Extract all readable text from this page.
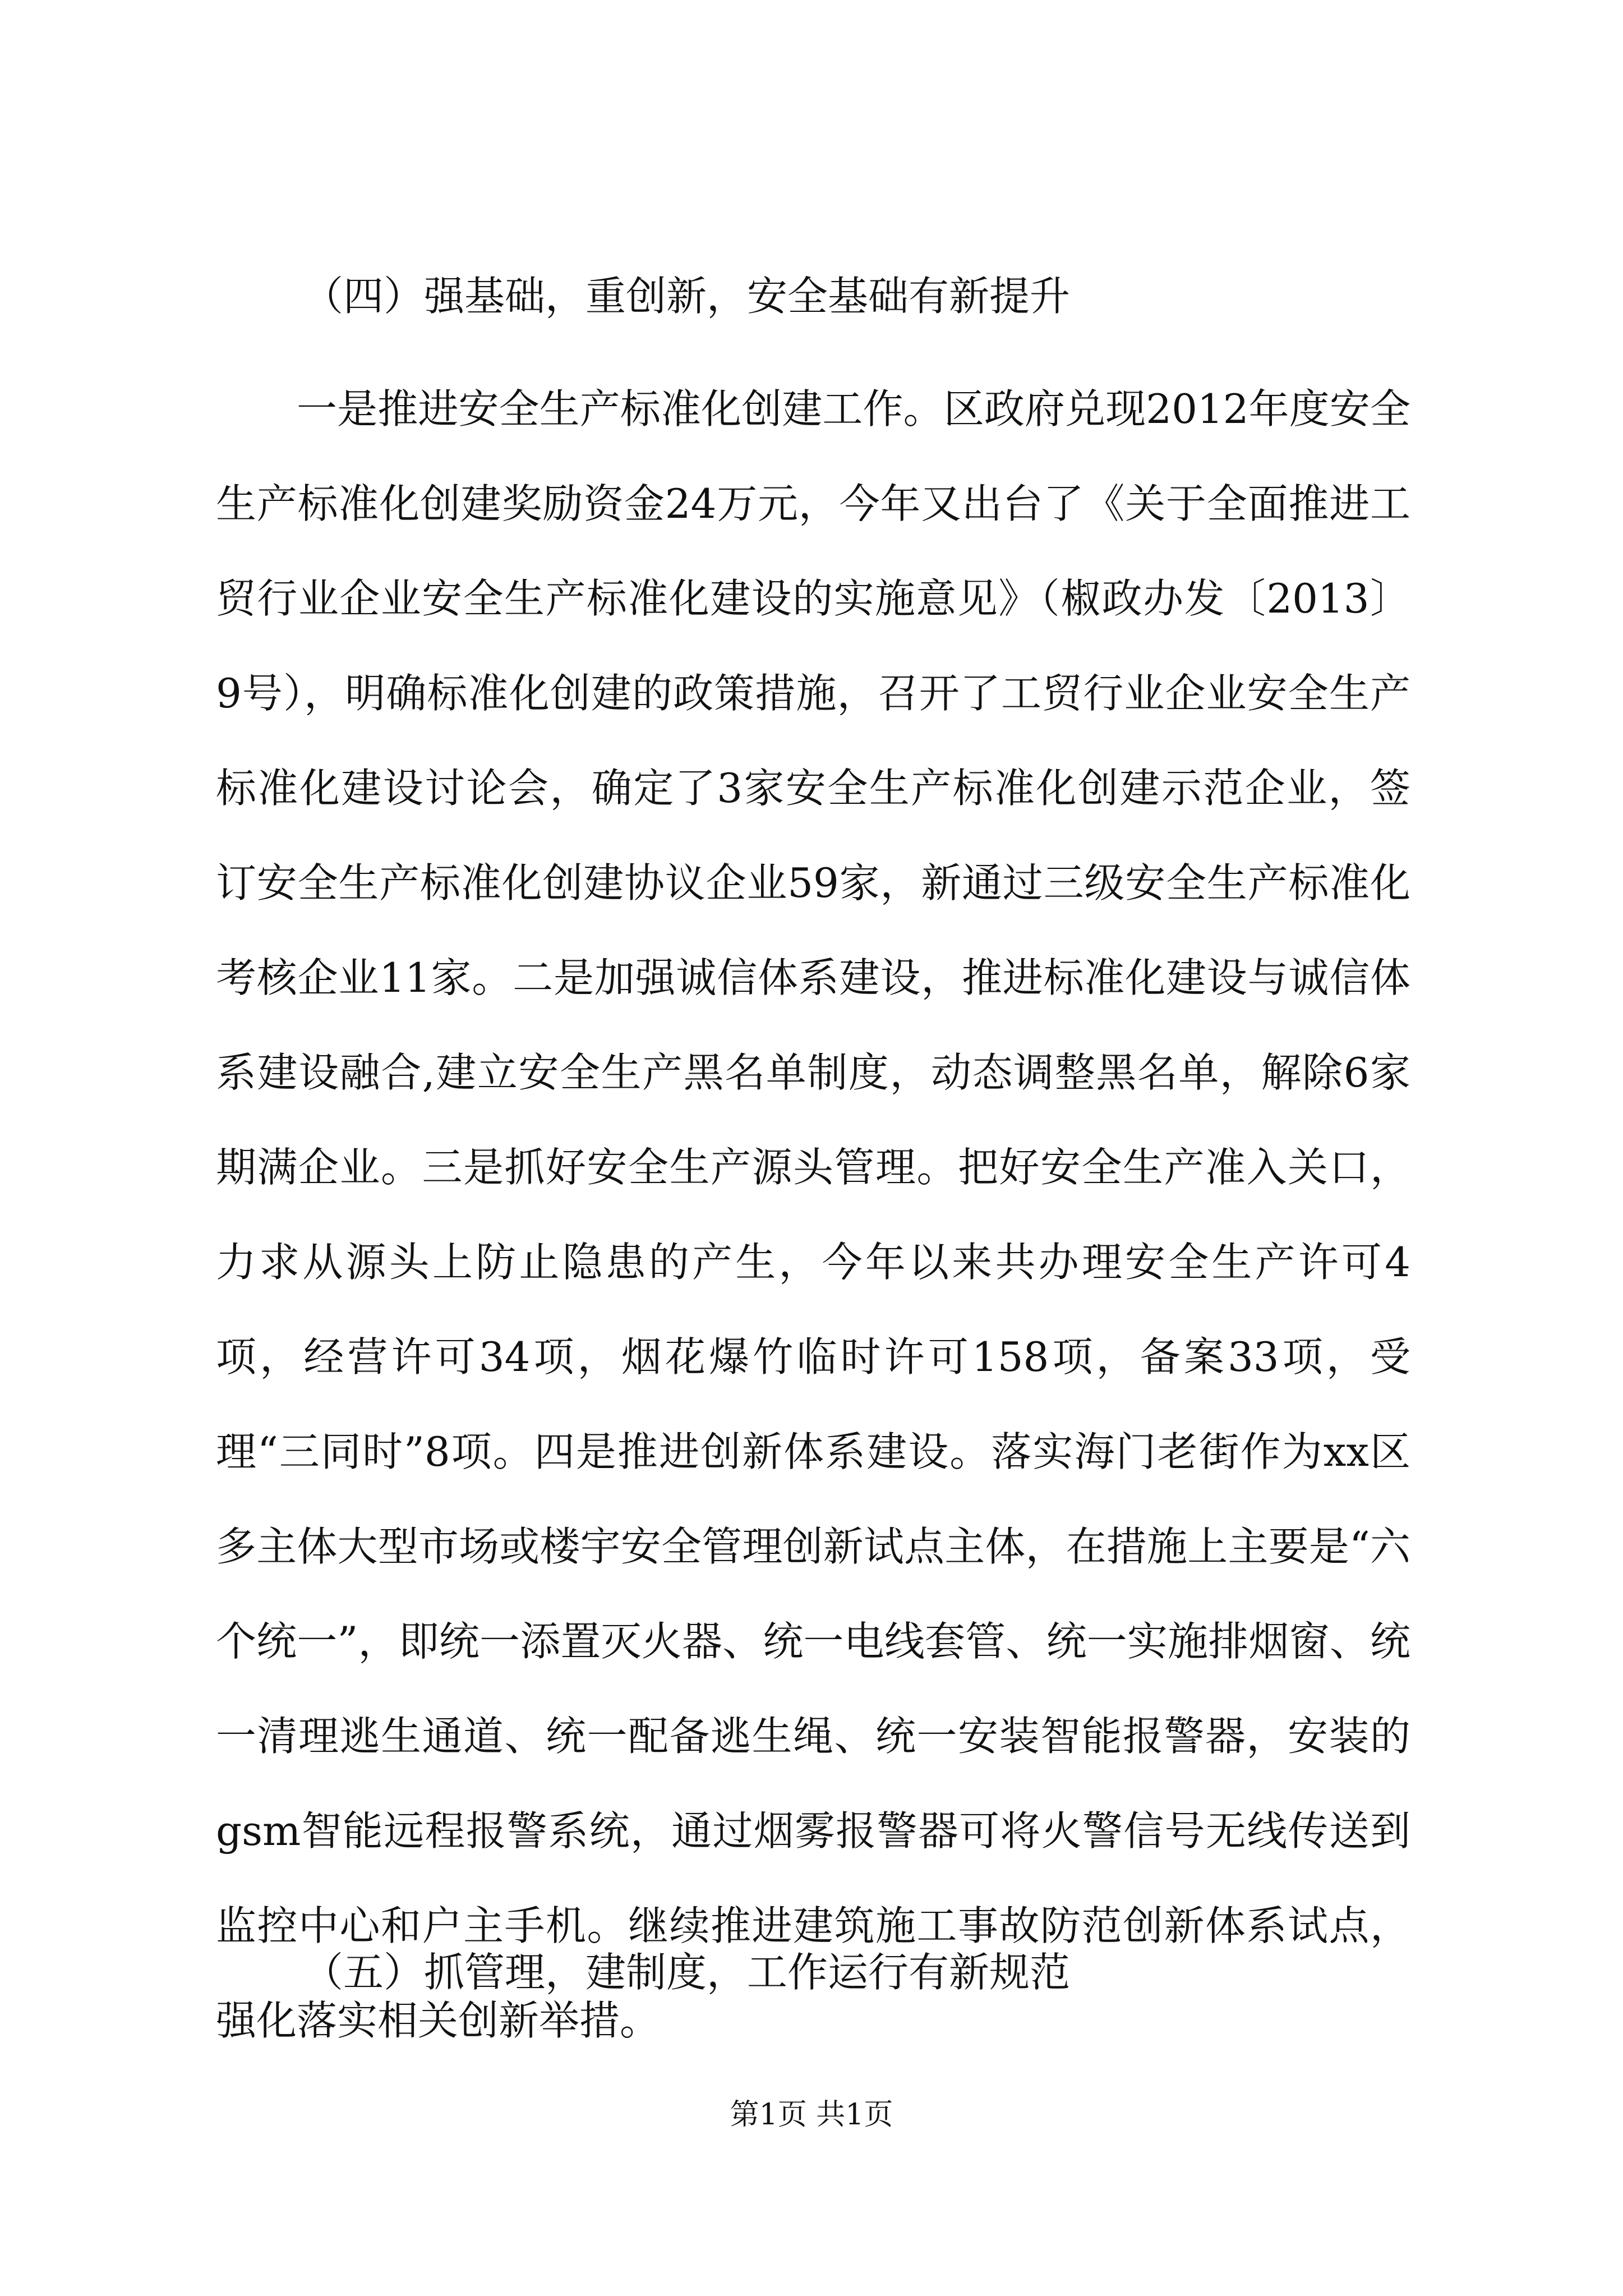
（四）强基础，重创新，安全基础有新提升

一是推进安全生产标准化创建工作。区政府兑现2012年度安全生产标准化创建奖励资金24万元，今年又出台了《关于全面推进工贸行业企业安全生产标准化建设的实施意见》（椒政办发〔2013〕9号），明确标准化创建的政策措施，召开了工贸行业企业安全生产标准化建设讨论会，确定了3家安全生产标准化创建示范企业，签订安全生产标准化创建协议企业59家，新通过三级安全生产标准化考核企业11家。二是加强诚信体系建设，推进标准化建设与诚信体系建设融合,建立安全生产黑名单制度，动态调整黑名单，解除6家期满企业。三是抓好安全生产源头管理。把好安全生产准入关口，力求从源头上防止隐患的产生，今年以来共办理安全生产许可4项，经营许可34项，烟花爆竹临时许可158项，备案33项，受理“三同时”8项。四是推进创新体系建设。落实海门老街作为xx区多主体大型市场或楼宇安全管理创新试点主体，在措施上主要是“六个统一”，即统一添置灭火器、统一电线套管、统一实施排烟窗、统一清理逃生通道、统一配备逃生绳、统一安装智能报警器，安装的gsm智能远程报警系统，通过烟雾报警器可将火警信号无线传送到监控中心和户主手机。继续推进建筑施工事故防范创新体系试点，强化落实相关创新举措。

（五）抓管理，建制度，工作运行有新规范
第1页 共1页
